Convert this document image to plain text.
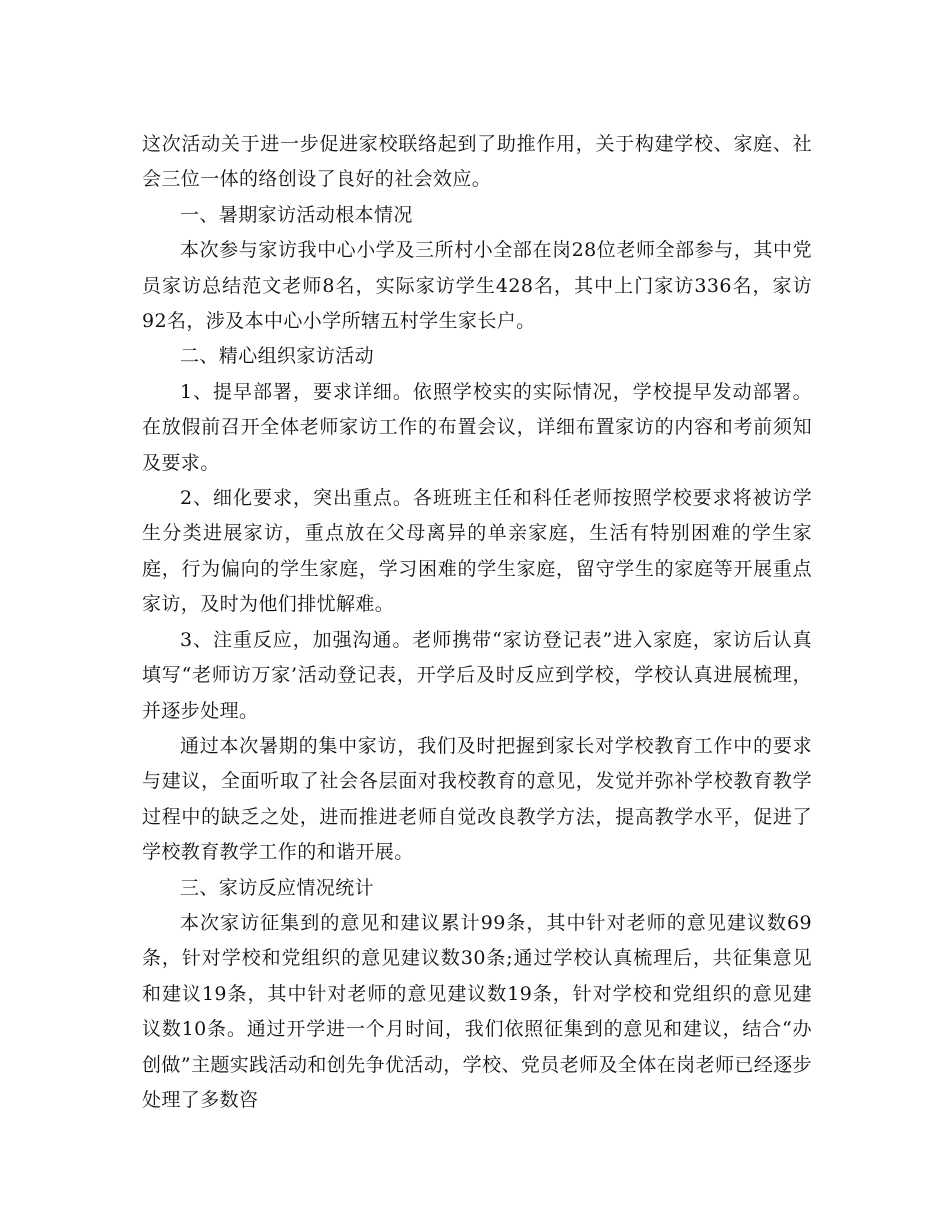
这次活动关于进一步促进家校联络起到了助推作用，关于构建学校、家庭、社会三位一体的络创设了良好的社会效应。

一、暑期家访活动根本情况

本次参与家访我中心小学及三所村小全部在岗28位老师全部参与，其中党员家访总结范文老师8名，实际家访学生428名，其中上门家访336名，家访92名，涉及本中心小学所辖五村学生家长户。

二、精心组织家访活动

1、提早部署，要求详细。依照学校实的实际情况，学校提早发动部署。在放假前召开全体老师家访工作的布置会议，详细布置家访的内容和考前须知及要求。

2、细化要求，突出重点。各班班主任和科任老师按照学校要求将被访学生分类进展家访，重点放在父母离异的单亲家庭，生活有特别困难的学生家庭，行为偏向的学生家庭，学习困难的学生家庭，留守学生的家庭等开展重点家访，及时为他们排忧解难。

3、注重反应，加强沟通。老师携带“家访登记表”进入家庭，家访后认真填写“老师访万家’活动登记表，开学后及时反应到学校，学校认真进展梳理，并逐步处理。

通过本次暑期的集中家访，我们及时把握到家长对学校教育工作中的要求与建议，全面听取了社会各层面对我校教育的意见，发觉并弥补学校教育教学过程中的缺乏之处，进而推进老师自觉改良教学方法，提高教学水平，促进了学校教育教学工作的和谐开展。

三、家访反应情况统计

本次家访征集到的意见和建议累计99条，其中针对老师的意见建议数69条，针对学校和党组织的意见建议数30条;通过学校认真梳理后，共征集意见和建议19条，其中针对老师的意见建议数19条，针对学校和党组织的意见建议数10条。通过开学进一个月时间，我们依照征集到的意见和建议，结合“办创做”主题实践活动和创先争优活动，学校、党员老师及全体在岗老师已经逐步处理了多数咨
